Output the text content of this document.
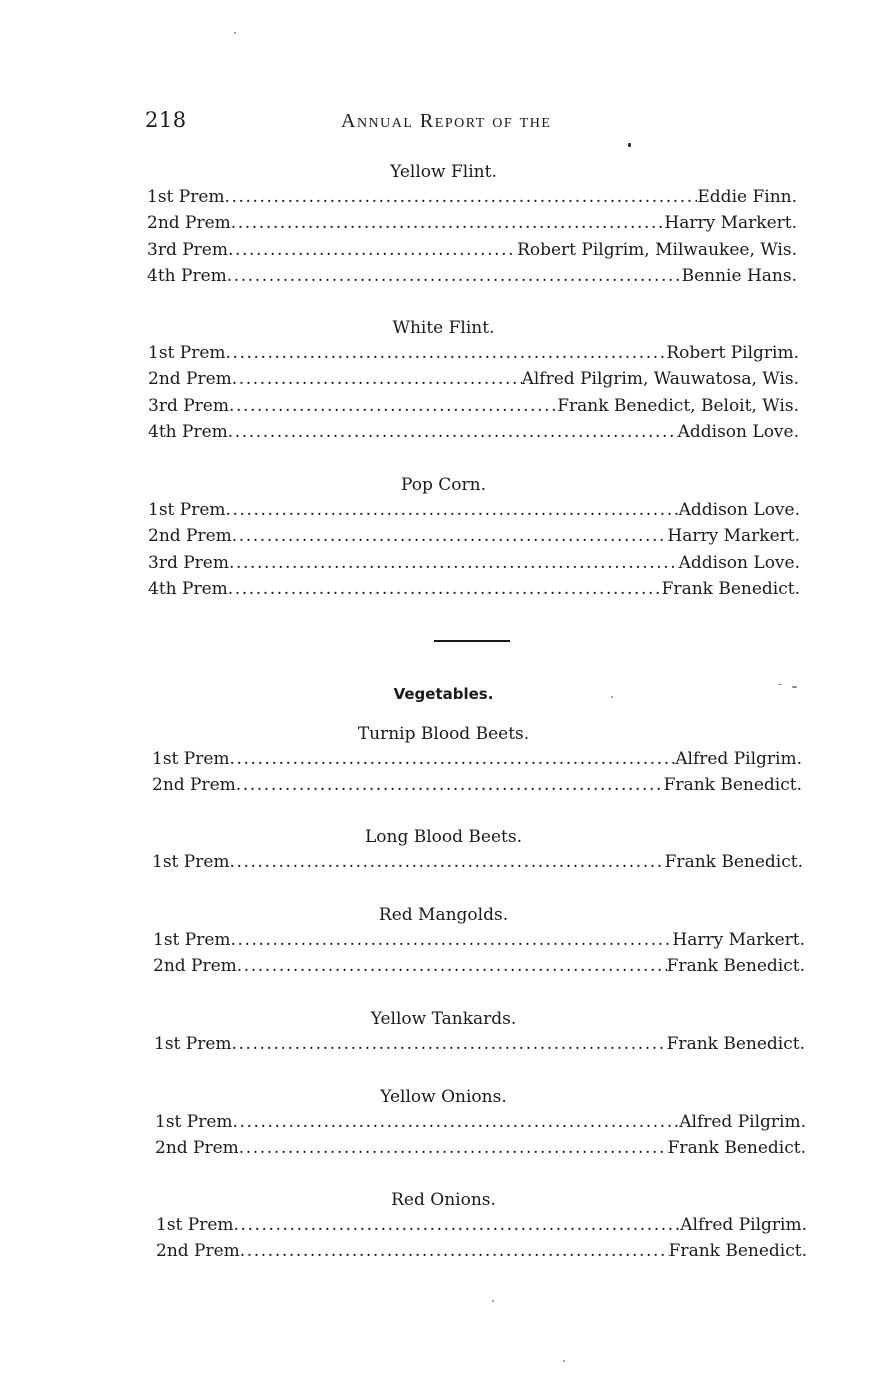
218	Annual Report of the
Yellow Flint.
1st Prem .....	Eddie Finn.
2nd Prem .....	Harry Markert.
3rd Prem .....	Robert Pilgrim, Milwaukee, Wis.
4th Prem .....	Bennie Hans.
White Flint.
1st Prem .....	Robert Pilgrim.
2nd Prem .....	Alfred Pilgrim, Wauwatosa, Wis.
3rd Prem .....	Frank Benedict, Beloit, Wis.
4th Prem .....	Addison Love.
Pop Corn.
1st Prem .....	Addison Love.
2nd Prem .....	Harry Markert.
3rd Prem .....	Addison Love.
4th Prem .....	Frank Benedict.
Vegetables.
Turnip Blood Beets.
1st Prem .....	Alfred Pilgrim.
2nd Prem .....	Frank Benedict.
Long Blood Beets.
1st Prem .....	Frank Benedict.
Red Mangolds.
1st Prem .....	Harry Markert.
2nd Prem .....	Frank Benedict.
Yellow Tankards.
1st Prem .....	Frank Benedict.
Yellow Onions.
1st Prem .....	Alfred Pilgrim.
2nd Prem .....	Frank Benedict.
Red Onions.
1st Prem .....	Alfred Pilgrim.
2nd Prem .....	Frank Benedict.
